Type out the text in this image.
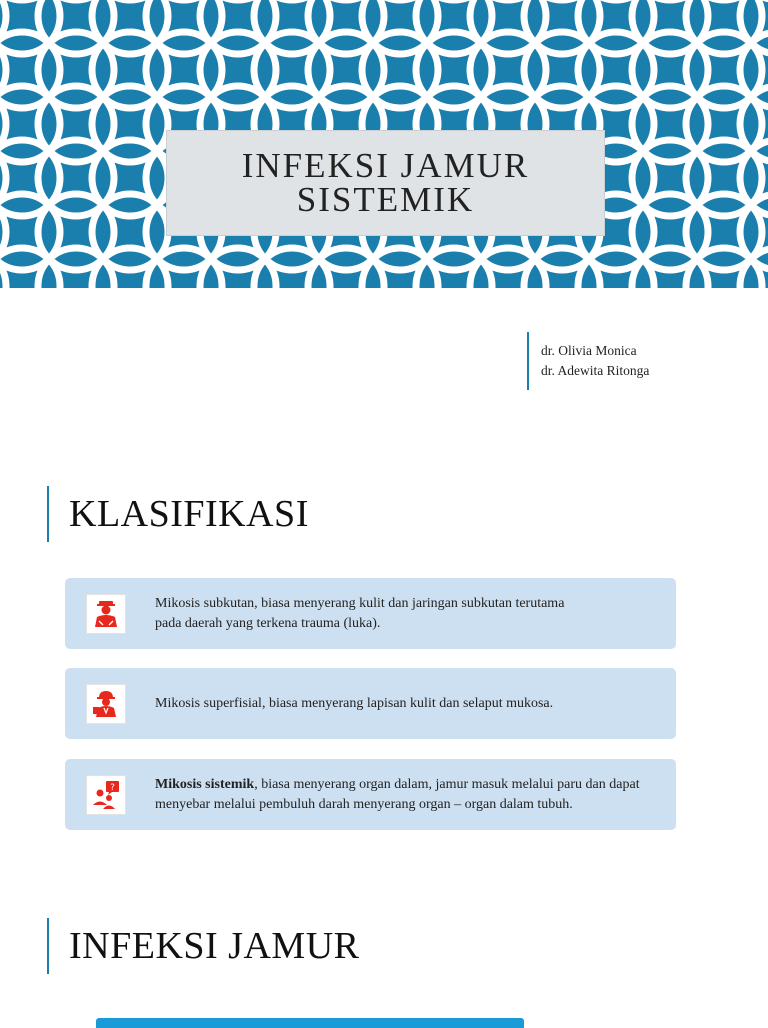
INFEKSI JAMUR
SISTEMIK
dr. Olivia Monica
dr. Adewita Ritonga
KLASIFIKASI

Mikosis subkutan, biasa menyerang kulit dan jaringan subkutan terutama
pada daerah yang terkena trauma (luka).

Mikosis superfisial, biasa menyerang lapisan kulit dan selaput mukosa.

?	Mikosis sistemik, biasa menyerang organ dalam, jamur masuk melalui paru dan dapat menyebar melalui pembuluh darah menyerang organ – organ dalam tubuh.

INFEKSI JAMUR
